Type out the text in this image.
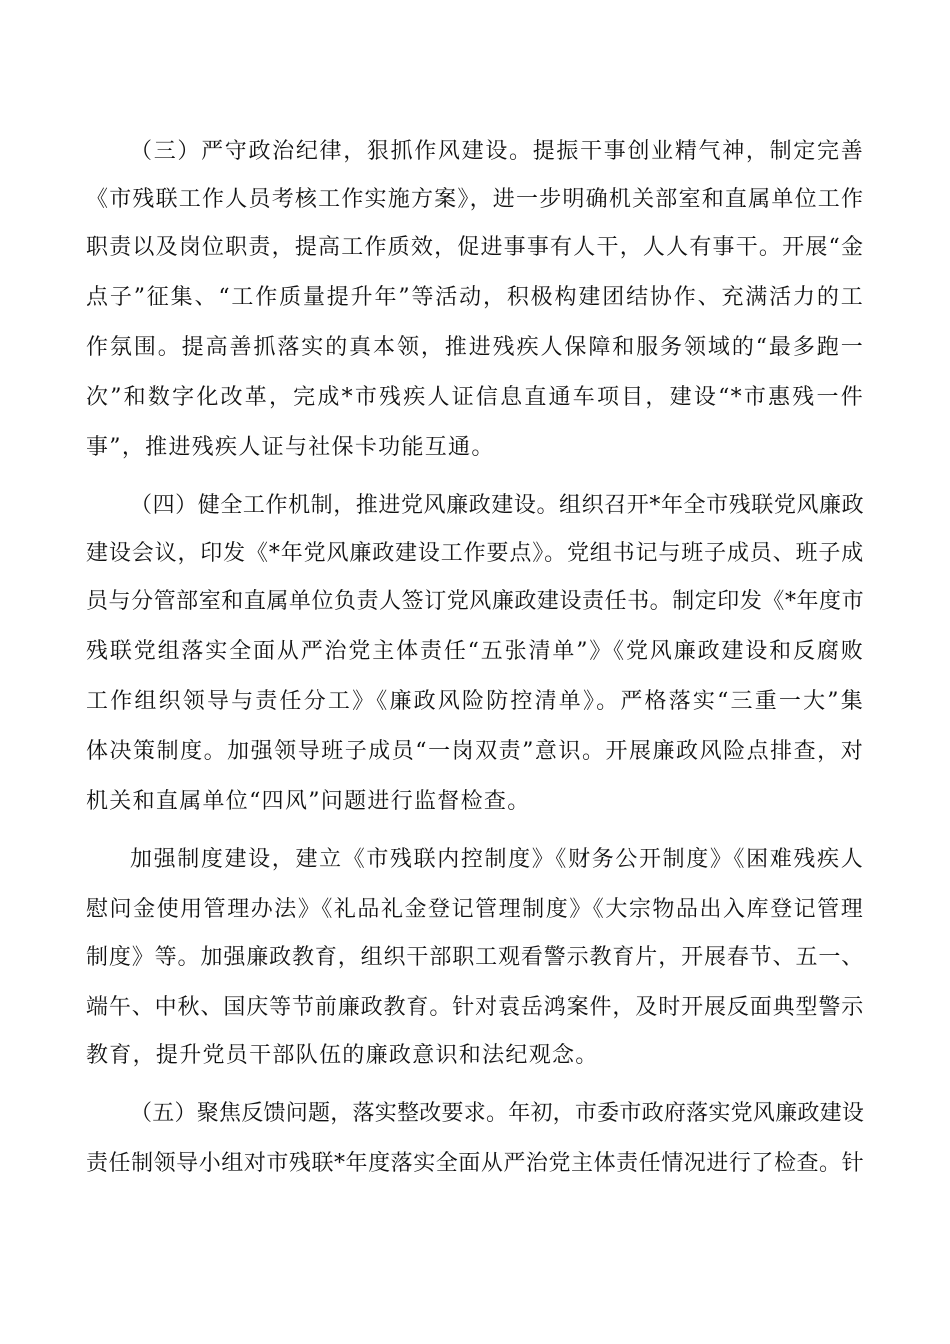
（三）严守政治纪律，狠抓作风建设。提振干事创业精气神，制定完善
《市残联工作人员考核工作实施方案》，进一步明确机关部室和直属单位工作
职责以及岗位职责，提高工作质效，促进事事有人干，人人有事干。开展“金
点子”征集、“工作质量提升年”等活动，积极构建团结协作、充满活力的工
作氛围。提高善抓落实的真本领，推进残疾人保障和服务领域的“最多跑一
次”和数字化改革，完成*市残疾人证信息直通车项目，建设“*市惠残一件
事”，推进残疾人证与社保卡功能互通。
（四）健全工作机制，推进党风廉政建设。组织召开*年全市残联党风廉政
建设会议，印发《*年党风廉政建设工作要点》。党组书记与班子成员、班子成
员与分管部室和直属单位负责人签订党风廉政建设责任书。制定印发《*年度市
残联党组落实全面从严治党主体责任“五张清单”》《党风廉政建设和反腐败
工作组织领导与责任分工》《廉政风险防控清单》。严格落实“三重一大”集
体决策制度。加强领导班子成员“一岗双责”意识。开展廉政风险点排查，对
机关和直属单位“四风”问题进行监督检查。
加强制度建设，建立《市残联内控制度》《财务公开制度》《困难残疾人
慰问金使用管理办法》《礼品礼金登记管理制度》《大宗物品出入库登记管理
制度》等。加强廉政教育，组织干部职工观看警示教育片，开展春节、五一、
端午、中秋、国庆等节前廉政教育。针对袁岳鸿案件，及时开展反面典型警示
教育，提升党员干部队伍的廉政意识和法纪观念。
（五）聚焦反馈问题，落实整改要求。年初，市委市政府落实党风廉政建设
责任制领导小组对市残联*年度落实全面从严治党主体责任情况进行了检查。针
